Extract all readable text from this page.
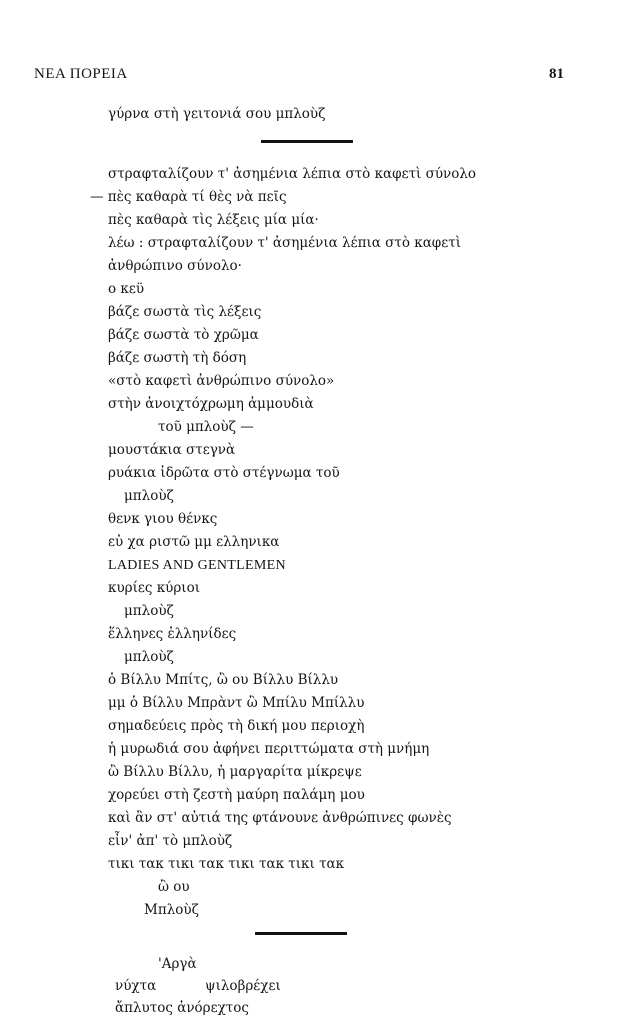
ΝΕΑ ΠΟΡΕΙΑ	81
γύρνα στὴ γειτονιά σου μπλοὺζ
στραφταλίζουν τ' ἀσημένια λέπια στὸ καφετὶ σύνολο
— πὲς καθαρὰ τί θὲς νὰ πεῖς
πὲς καθαρὰ τὶς λέξεις μία μία·
λέω : στραφταλίζουν τ' ἀσημένια λέπια στὸ καφετὶ
ἀνθρώπινο σύνολο·
ο κεϋ
βάζε σωστὰ τὶς λέξεις
βάζε σωστὰ τὸ χρῶμα
βάζε σωστὴ τὴ δόση
«στὸ καφετὶ ἀνθρώπινο σύνολο»
στὴν ἀνοιχτόχρωμη ἀμμουδιὰ
τοῦ μπλοὺζ —
μουστάκια στεγνὰ
ρυάκια ἱδρῶτα στὸ στέγνωμα τοῦ
μπλοὺζ
θενκ γιου θένκς
εὐ χα ριστῶ μμ ελληνικα
LADIES AND GENTLEMEN
κυρίες κύριοι
μπλοὺζ
ἕλληνες ἑλληνίδες
μπλοὺζ
ὁ Βίλλυ Μπίτς, ὢ ου Βίλλυ Βίλλυ
μμ ὁ Βίλλυ Μπρὰντ ὢ Μπίλυ Μπίλλυ
σημαδεύεις πρὸς τὴ δική μου περιοχὴ
ἡ μυρωδιά σου ἀφήνει περιττώματα στὴ μνήμη
ὢ Βίλλυ Βίλλυ, ἡ μαργαρίτα μίκρεψε
χορεύει στὴ ζεστὴ μαύρη παλάμη μου
καὶ ἂν στ' αὐτιά της φτάνουνε ἀνθρώπινες φωνὲς
εἶν' ἀπ' τὸ μπλοὺζ
τικι τακ τικι τακ τικι τακ τικι τακ
ὢ ου
Μπλοὺζ
'Αργὰ
νύχτα	ψιλοβρέχει
ἄπλυτος ἀνόρεχτος
